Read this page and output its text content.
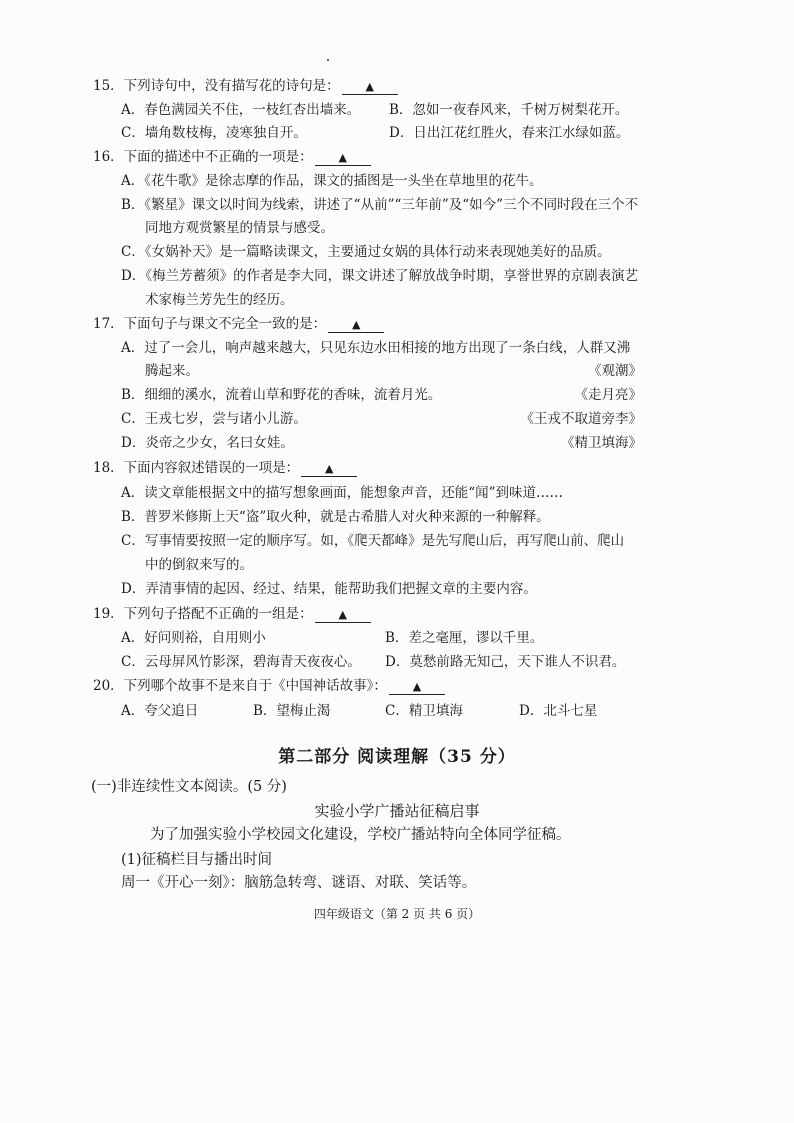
15．下列诗句中，没有描写花的诗句是： ▲
A．春色满园关不住，一枝红杏出墙来。 B．忽如一夜春风来，千树万树梨花开。
C．墙角数枝梅，凌寒独自开。	D．日出江花红胜火，春来江水绿如蓝。
16．下面的描述中不正确的一项是： ▲
A．《花牛歌》是徐志摩的作品，课文的插图是一头坐在草地里的花牛。
B．《繁星》课文以时间为线索，讲述了“从前”“三年前”及“如今”三个不同时段在三个不
同地方观赏繁星的情景与感受。
C．《女娲补天》是一篇略读课文，主要通过女娲的具体行动来表现她美好的品质。
D．《梅兰芳蓄须》的作者是李大同，课文讲述了解放战争时期，享誉世界的京剧表演艺
术家梅兰芳先生的经历。
17．下面句子与课文不完全一致的是： ▲
A．过了一会儿，响声越来越大，只见东边水田相接的地方出现了一条白线，人群又沸
腾起来。	《观潮》
B．细细的溪水，流着山草和野花的香味，流着月光。	《走月亮》
C．王戎七岁，尝与诸小儿游。	《王戎不取道旁李》
D．炎帝之少女，名曰女娃。	《精卫填海》
18．下面内容叙述错误的一项是： ▲
A．读文章能根据文中的描写想象画面，能想象声音，还能“闻”到味道……
B．普罗米修斯上天“盗”取火种，就是古希腊人对火种来源的一种解释。
C．写事情要按照一定的顺序写。如，《爬天都峰》是先写爬山后，再写爬山前、爬山
中的倒叙来写的。
D．弄清事情的起因、经过、结果，能帮助我们把握文章的主要内容。
19．下列句子搭配不正确的一组是： ▲
A．好问则裕，自用则小	B．差之毫厘，谬以千里。
C．云母屏风竹影深，碧海青天夜夜心。 D．莫愁前路无知己，天下谁人不识君。
20．下列哪个故事不是来自于《中国神话故事》： ▲
A．夸父追日	B．望梅止渴	C．精卫填海	D．北斗七星
第二部分 阅读理解（35 分）
(一)非连续性文本阅读。(5 分)
实验小学广播站征稿启事
为了加强实验小学校园文化建设，学校广播站特向全体同学征稿。
(1)征稿栏目与播出时间
周一《开心一刻》：脑筋急转弯、谜语、对联、笑话等。
四年级语文（第 2 页 共 6 页）
